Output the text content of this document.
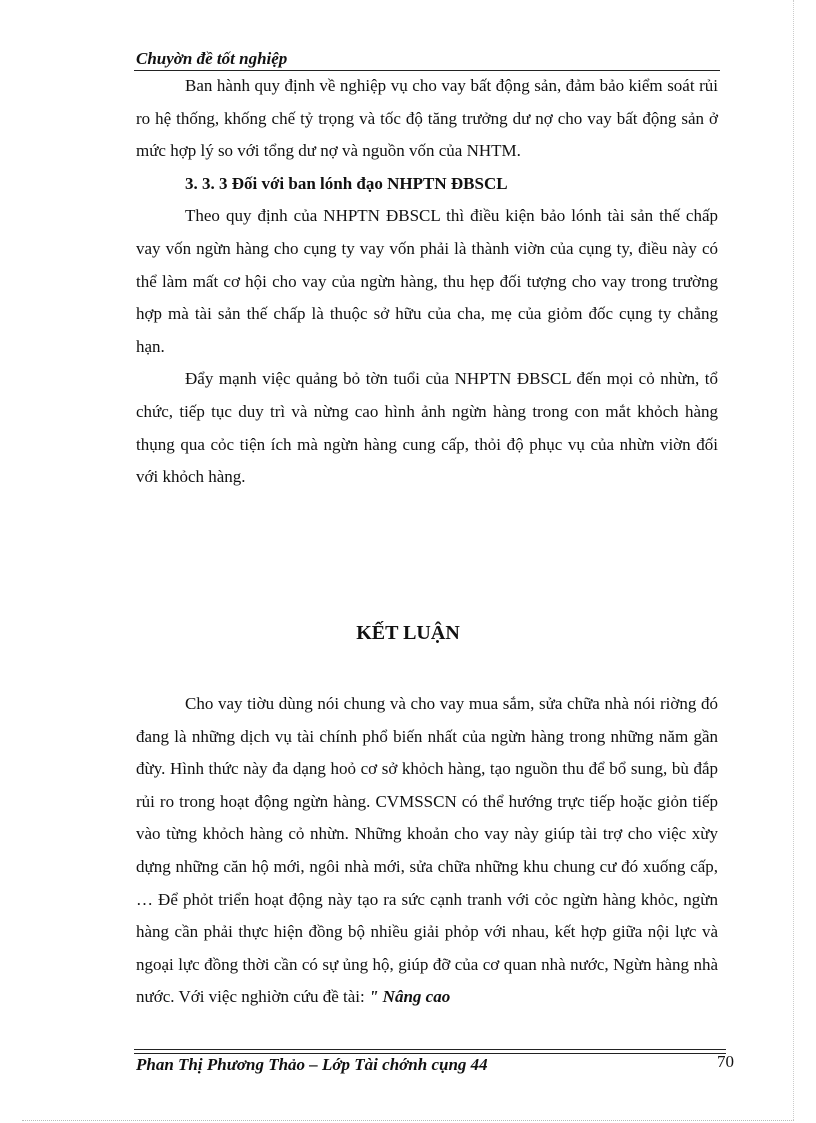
Chuyờn đề tốt nghiệp

Ban hành quy định về nghiệp vụ cho vay bất động sản, đảm bảo kiểm soát rủi ro hệ thống, khống chế tỷ trọng và tốc độ tăng trưởng dư nợ cho vay bất động sản ở mức hợp lý so với tổng dư nợ và nguồn vốn của NHTM.

3. 3. 3 Đối với ban lónh đạo NHPTN ĐBSCL

Theo quy định của NHPTN ĐBSCL thì điều kiện bảo lónh tài sản thế chấp vay vốn ngừn hàng cho cụng ty vay vốn phải là thành viờn của cụng ty, điều này có thể làm mất cơ hội cho vay của ngừn hàng, thu hẹp đối tượng cho vay trong trường hợp mà tài sản thế chấp là thuộc sở hữu của cha, mẹ của giỏm đốc cụng ty chẳng hạn.

Đẩy mạnh việc quảng bỏ tờn tuổi của NHPTN ĐBSCL đến mọi cỏ nhừn, tổ chức, tiếp tục duy trì và nừng cao hình ảnh ngừn hàng trong con mắt khỏch hàng thụng qua cỏc tiện ích mà ngừn hàng cung cấp, thỏi độ phục vụ của nhừn viờn đối với khỏch hàng.

KẾT LUẬN

Cho vay tiờu dùng nói chung và cho vay mua sắm, sửa chữa nhà nói riờng đó đang là những dịch vụ tài chính phổ biến nhất của ngừn hàng trong những năm gần đừy. Hình thức này đa dạng hoỏ cơ sở khỏch hàng, tạo nguồn thu để bổ sung, bù đắp rủi ro trong hoạt động ngừn hàng. CVMSSCN có thể hướng trực tiếp hoặc giỏn tiếp vào từng khỏch hàng cỏ nhừn. Những khoản cho vay này giúp tài trợ cho việc xừy dựng những căn hộ mới, ngôi nhà mới, sửa chữa những khu chung cư đó xuống cấp, … Để phỏt triển hoạt động này tạo ra sức cạnh tranh với cỏc ngừn hàng khỏc, ngừn hàng cần phải thực hiện đồng bộ nhiều giải phỏp với nhau, kết hợp giữa nội lực và ngoại lực đồng thời cần có sự ủng hộ, giúp đỡ của cơ quan nhà nước, Ngừn hàng nhà nước. Với việc nghiờn cứu đề tài: " Nâng cao

Phan Thị Phương Thảo – Lớp Tài chớnh cụng 44	70
